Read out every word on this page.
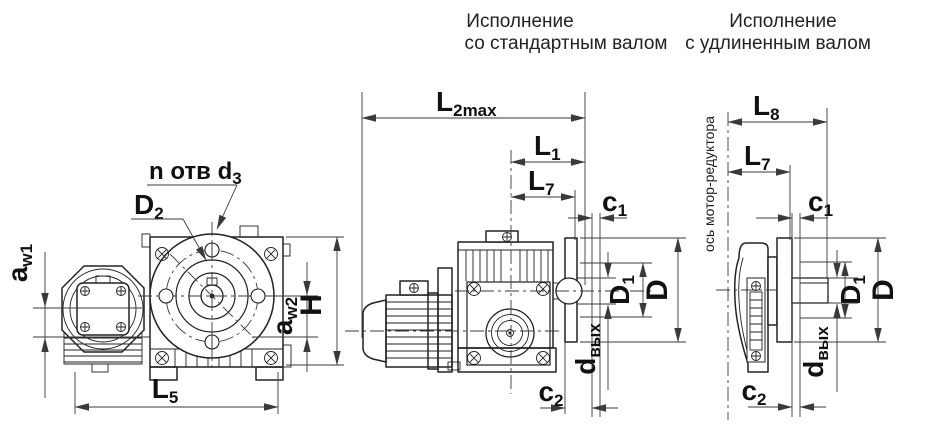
Исполнение
со стандартным валом
Исполнение
с удлиненным валом
aw1
aw2
H
L5
D2
n отв $d_3$
L2max
L1
L7 c1
D
D1
dвых
c2
ось мотор-редуктора
L8
L7
c1
D
D1
dвых
c2
